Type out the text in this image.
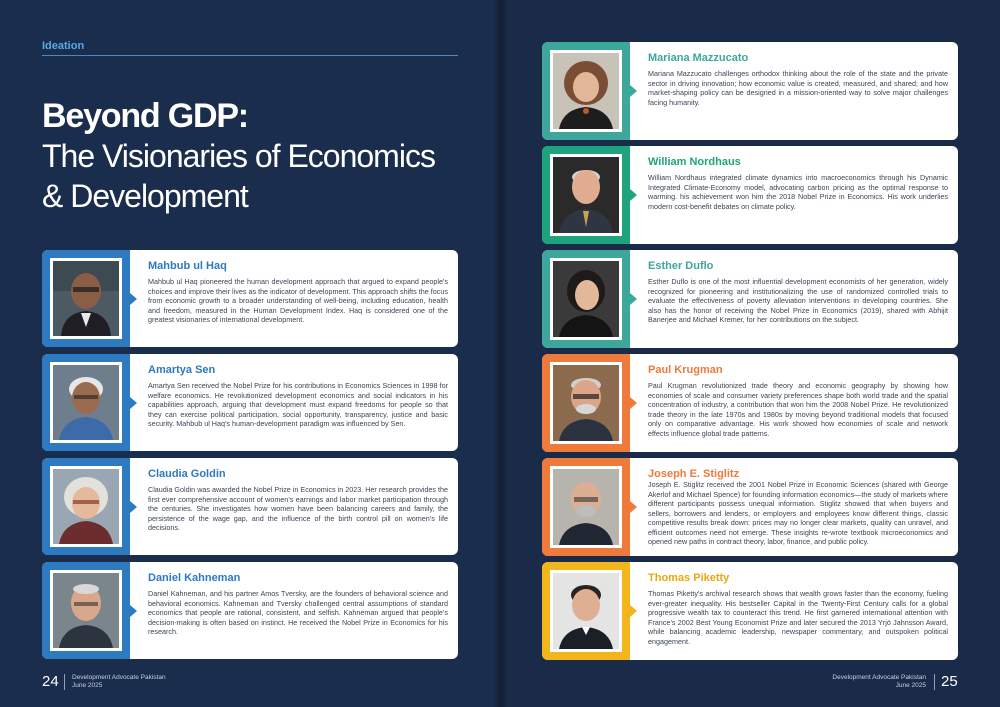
Ideation
Beyond GDP:
The Visionaries of Economics
& Development
Mahbub ul Haq
Mahbub ul Haq pioneered the human development approach that argued to expand people’s choices and improve their lives as the indicator of development. This approach shifts the focus from economic growth to a broader understanding of well-being, including education, health and freedom, measured in the Human Development Index. Haq is considered one of the greatest visionaries of international development.
Amartya Sen
Amartya Sen received the Nobel Prize for his contributions in Economics Sciences in 1998 for welfare economics. He revolutionized development economics and social indicators in his capabilities approach, arguing that development must expand freedoms for people so that they can exercise political participation, social opportunity, transparency, justice and basic security. Mahbub ul Haq’s human-development paradigm was influenced by Sen.
Claudia Goldin
Claudia Goldin was awarded the Nobel Prize in Economics in 2023. Her research provides the first ever comprehensive account of women’s earnings and labor market participation through the centuries. She investigates how women have been balancing careers and family, the persistence of the wage gap, and the influence of the birth control pill on women’s life decisions.
Daniel Kahneman
Daniel Kahneman, and his partner Amos Tversky, are the founders of behavioral science and behavioral economics. Kahneman and Tversky challenged central assumptions of standard economics that people are rational, consistent, and selfish. Kahneman argued that people’s decision-making is often based on instinct. He received the Nobel Prize in Economics for his research.
Mariana Mazzucato
Mariana Mazzucato challenges orthodox thinking about the role of the state and the private sector in driving innovation; how economic value is created, measured, and shared; and how market-shaping policy can be designed in a mission-oriented way to solve major challenges facing humanity.
William Nordhaus
William Nordhaus integrated climate dynamics into macroeconomics through his Dynamic Integrated Climate-Economy model, advocating carbon pricing as the optimal response to warming. his achievement won him the 2018 Nobel Prize in Economics. His work underlies modern cost-benefit debates on climate policy.
Esther Duflo
Esther Duflo is one of the most influential development economists of her generation, widely recognized for pioneering and institutionalizing the use of randomized controlled trials to evaluate the effectiveness of poverty alleviation interventions in developing countries. She also has the honor of receiving the Nobel Prize in Economics (2019), shared with Abhijit Banerjee and Michael Kremer, for her contributions on the subject.
Paul Krugman
Paul Krugman revolutionized trade theory and economic geography by showing how economies of scale and consumer variety preferences shape both world trade and the spatial concentration of industry, a contribution that won him the 2008 Nobel Prize. He revolutionized trade theory in the late 1970s and 1980s by moving beyond traditional models that focused only on comparative advantage. His work showed how economies of scale and network effects influence global trade patterns.
Joseph E. Stiglitz
Joseph E. Stiglitz received the 2001 Nobel Prize in Economic Sciences (shared with George Akerlof and Michael Spence) for founding information economics—the study of markets where different participants possess unequal information. Stiglitz showed that when buyers and sellers, borrowers and lenders, or employers and employees know different things, classic competitive results break down: prices may no longer clear markets, quality can unravel, and efficient outcomes need not emerge. These insights re-wrote textbook microeconomics and opened new paths in contract theory, labor, finance, and public policy.
Thomas Piketty
Thomas Piketty’s archival research shows that wealth grows faster than the economy, fueling ever-greater inequality. His bestseller Capital in the Twenty-First Century calls for a global progressive wealth tax to counteract this trend. He first garnered international attention with France’s 2002 Best Young Economist Prize and later secured the 2013 Yrjö Jahnsson Award, while balancing academic leadership, newspaper commentary, and outspoken political engagement.
24 Development Advocate Pakistan
June 2025
Development Advocate Pakistan
June 2025 25
